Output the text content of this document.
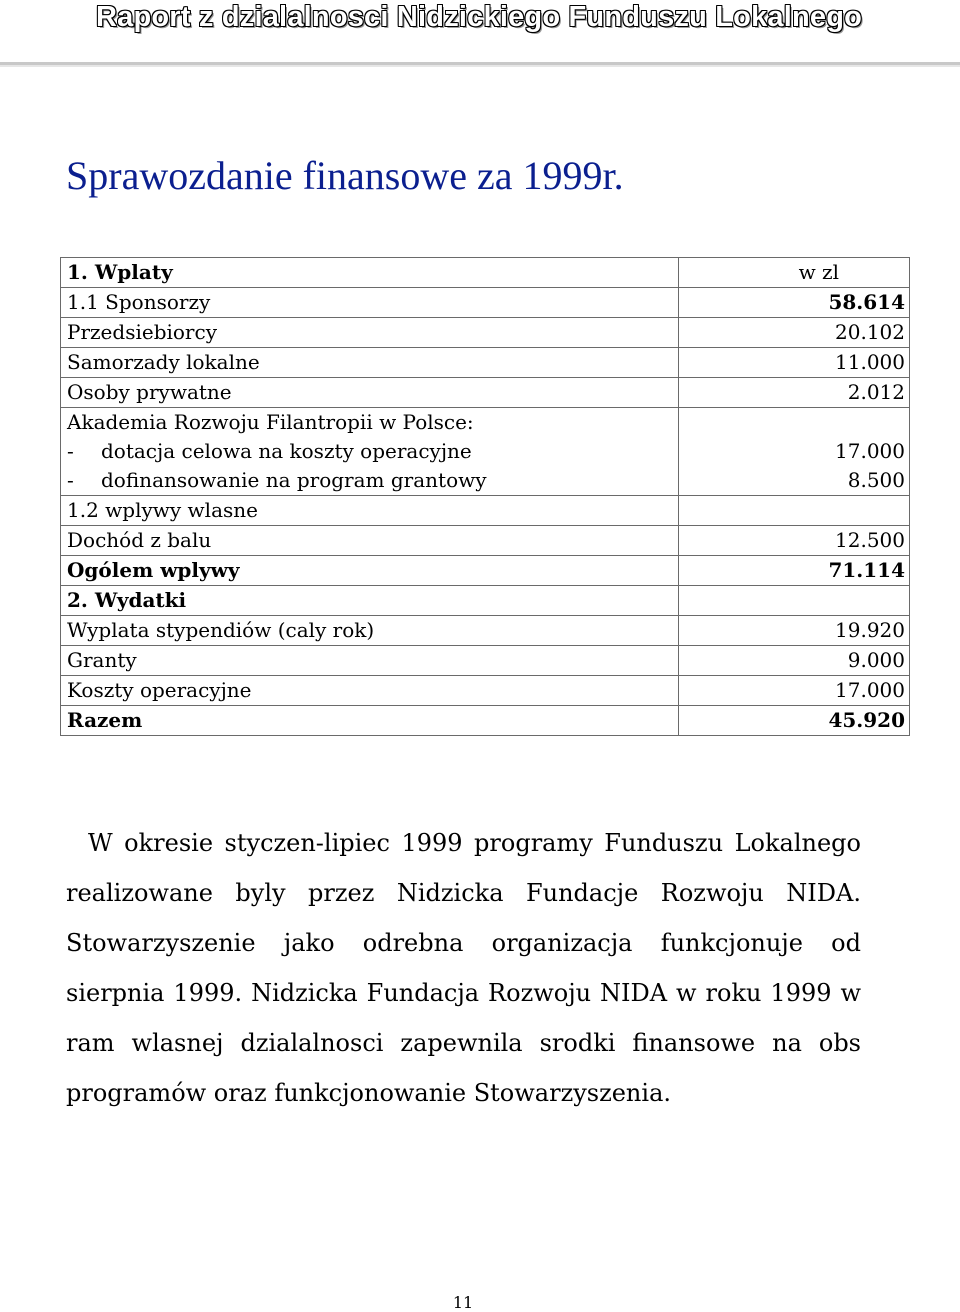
Raport z dzialalnosci Nidzickiego Funduszu Lokalnego
Sprawozdanie finansowe za 1999r.
1. Wplaty	w zl
1.1 Sponsorzy	58.614
Przedsiebiorcy	20.102
Samorzady lokalne	11.000
Osoby prywatne	2.012
Akademia Rozwoju Filantropii w Polsce:	
- dotacja celowa na koszty operacyjne	17.000
- dofinansowanie na program grantowy	8.500
1.2 wplywy wlasne	
Dochód z balu	12.500
Ogólem wplywy	71.114
2. Wydatki	
Wyplata stypendiów (caly rok)	19.920
Granty	9.000
Koszty operacyjne	17.000
Razem	45.920
W okresie styczen-lipiec 1999 programy Funduszu Lokalnego realizowane byly przez Nidzicka Fundacje Rozwoju NIDA. Stowarzyszenie jako odrebna organizacja funkcjonuje od sierpnia 1999. Nidzicka Fundacja Rozwoju NIDA w roku 1999 w ram wlasnej dzialalnosci zapewnila srodki finansowe na obs programów oraz funkcjonowanie Stowarzyszenia.
11
